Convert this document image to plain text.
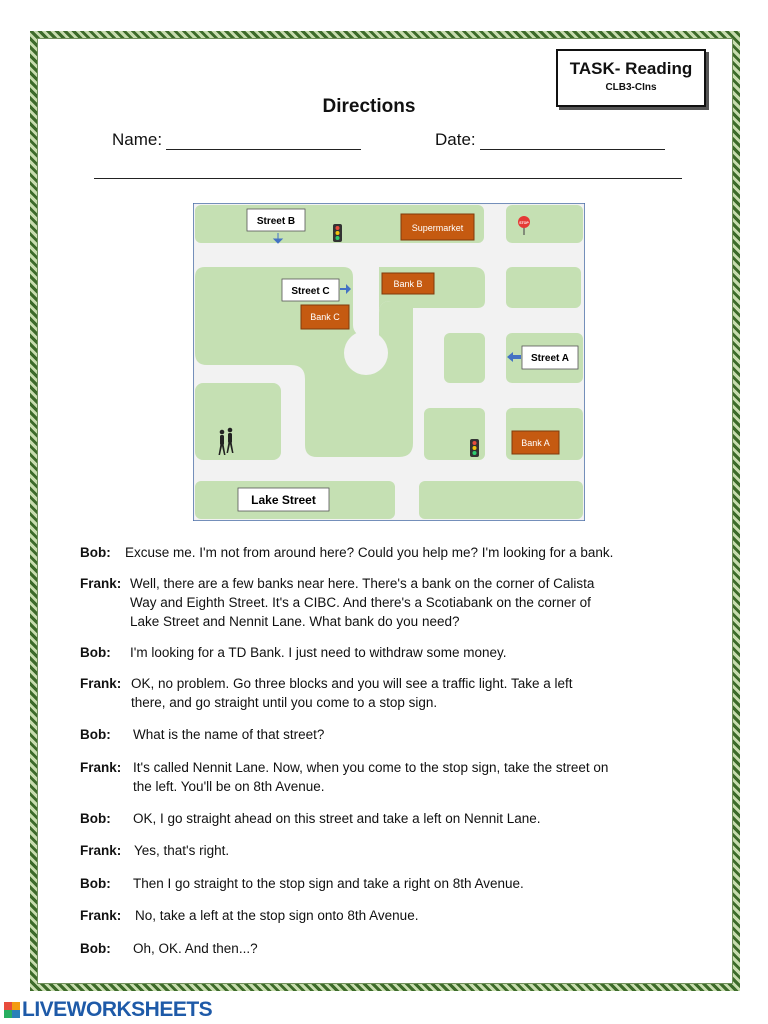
TASK- Reading
CLB3-CIns
Directions
Name:	Date:
Street B
Supermarket	STOP
Street C
Bank B
Bank C
Street A
Bank A
Lake Street
Bob: Excuse me. I'm not from around here? Could you help me? I'm looking for a bank.
Frank: Well, there are a few banks near here. There's a bank on the corner of Calista
Way and Eighth Street. It's a CIBC. And there's a Scotiabank on the corner of
Lake Street and Nennit Lane. What bank do you need?
Bob: I'm looking for a TD Bank. I just need to withdraw some money.
Frank: OK, no problem. Go three blocks and you will see a traffic light. Take a left
there, and go straight until you come to a stop sign.
Bob: What is the name of that street?
Frank: It's called Nennit Lane. Now, when you come to the stop sign, take the street on
the left. You'll be on 8th Avenue.
Bob: OK, I go straight ahead on this street and take a left on Nennit Lane.
Frank: Yes, that's right.
Bob: Then I go straight to the stop sign and take a right on 8th Avenue.
Frank: No, take a left at the stop sign onto 8th Avenue.
Bob: Oh, OK. And then...?
LIVEWORKSHEETS
